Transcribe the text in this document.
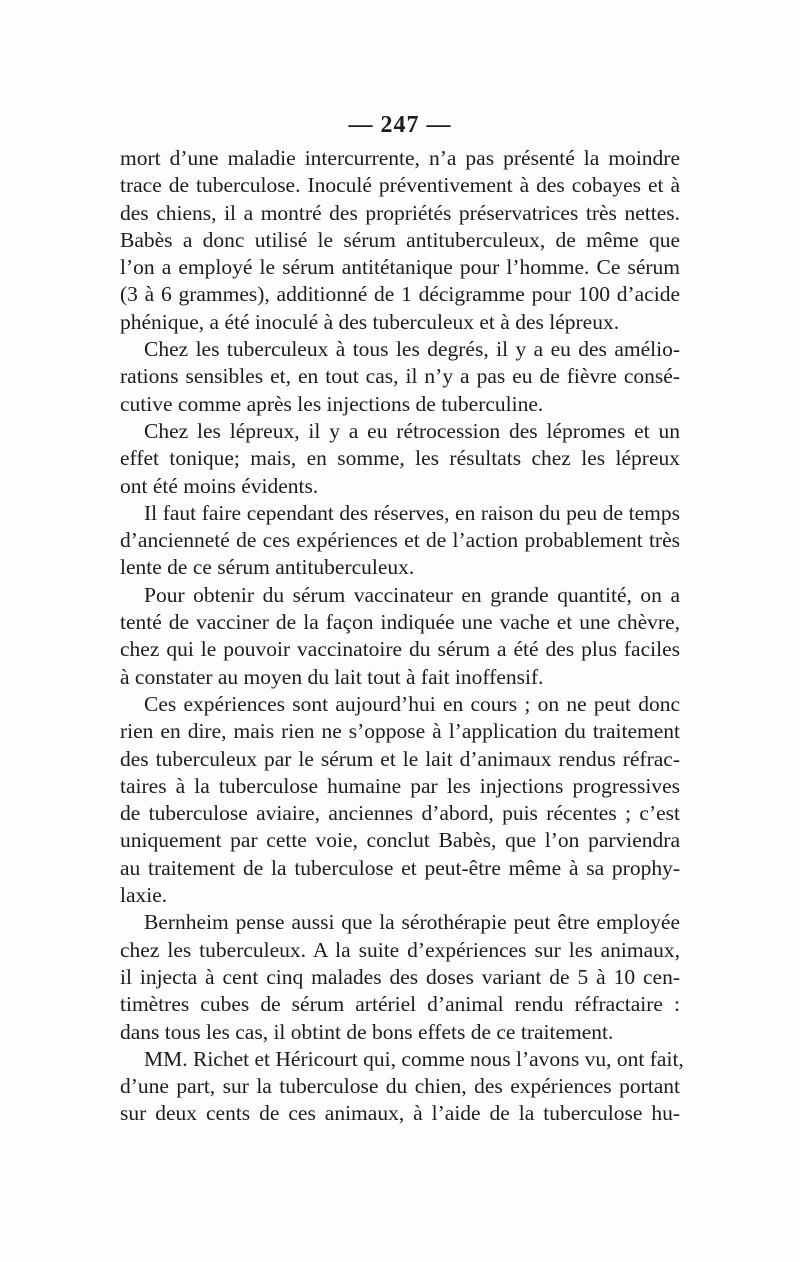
— 247 —

mort d’une maladie intercurrente, n’a pas présenté la moindre
trace de tuberculose. Inoculé préventivement à des cobayes et à
des chiens, il a montré des propriétés préservatrices très nettes.
Babès a donc utilisé le sérum antituberculeux, de même que
l’on a employé le sérum antitétanique pour l’homme. Ce sérum
(3 à 6 grammes), additionné de 1 décigramme pour 100 d’acide
phénique, a été inoculé à des tuberculeux et à des lépreux.

Chez les tuberculeux à tous les degrés, il y a eu des amélio-
rations sensibles et, en tout cas, il n’y a pas eu de fièvre consé-
cutive comme après les injections de tuberculine.

Chez les lépreux, il y a eu rétrocession des lépromes et un
effet tonique; mais, en somme, les résultats chez les lépreux
ont été moins évidents.

Il faut faire cependant des réserves, en raison du peu de temps
d’ancienneté de ces expériences et de l’action probablement très
lente de ce sérum antituberculeux.

Pour obtenir du sérum vaccinateur en grande quantité, on a
tenté de vacciner de la façon indiquée une vache et une chèvre,
chez qui le pouvoir vaccinatoire du sérum a été des plus faciles
à constater au moyen du lait tout à fait inoffensif.

Ces expériences sont aujourd’hui en cours ; on ne peut donc
rien en dire, mais rien ne s’oppose à l’application du traitement
des tuberculeux par le sérum et le lait d’animaux rendus réfrac-
taires à la tuberculose humaine par les injections progressives
de tuberculose aviaire, anciennes d’abord, puis récentes ; c’est
uniquement par cette voie, conclut Babès, que l’on parviendra
au traitement de la tuberculose et peut-être même à sa prophy-
laxie.

Bernheim pense aussi que la sérothérapie peut être employée
chez les tuberculeux. A la suite d’expériences sur les animaux,
il injecta à cent cinq malades des doses variant de 5 à 10 cen-
timètres cubes de sérum artériel d’animal rendu réfractaire :
dans tous les cas, il obtint de bons effets de ce traitement.

MM. Richet et Héricourt qui, comme nous l’avons vu, ont fait,
d’une part, sur la tuberculose du chien, des expériences portant
sur deux cents de ces animaux, à l’aide de la tuberculose hu-
